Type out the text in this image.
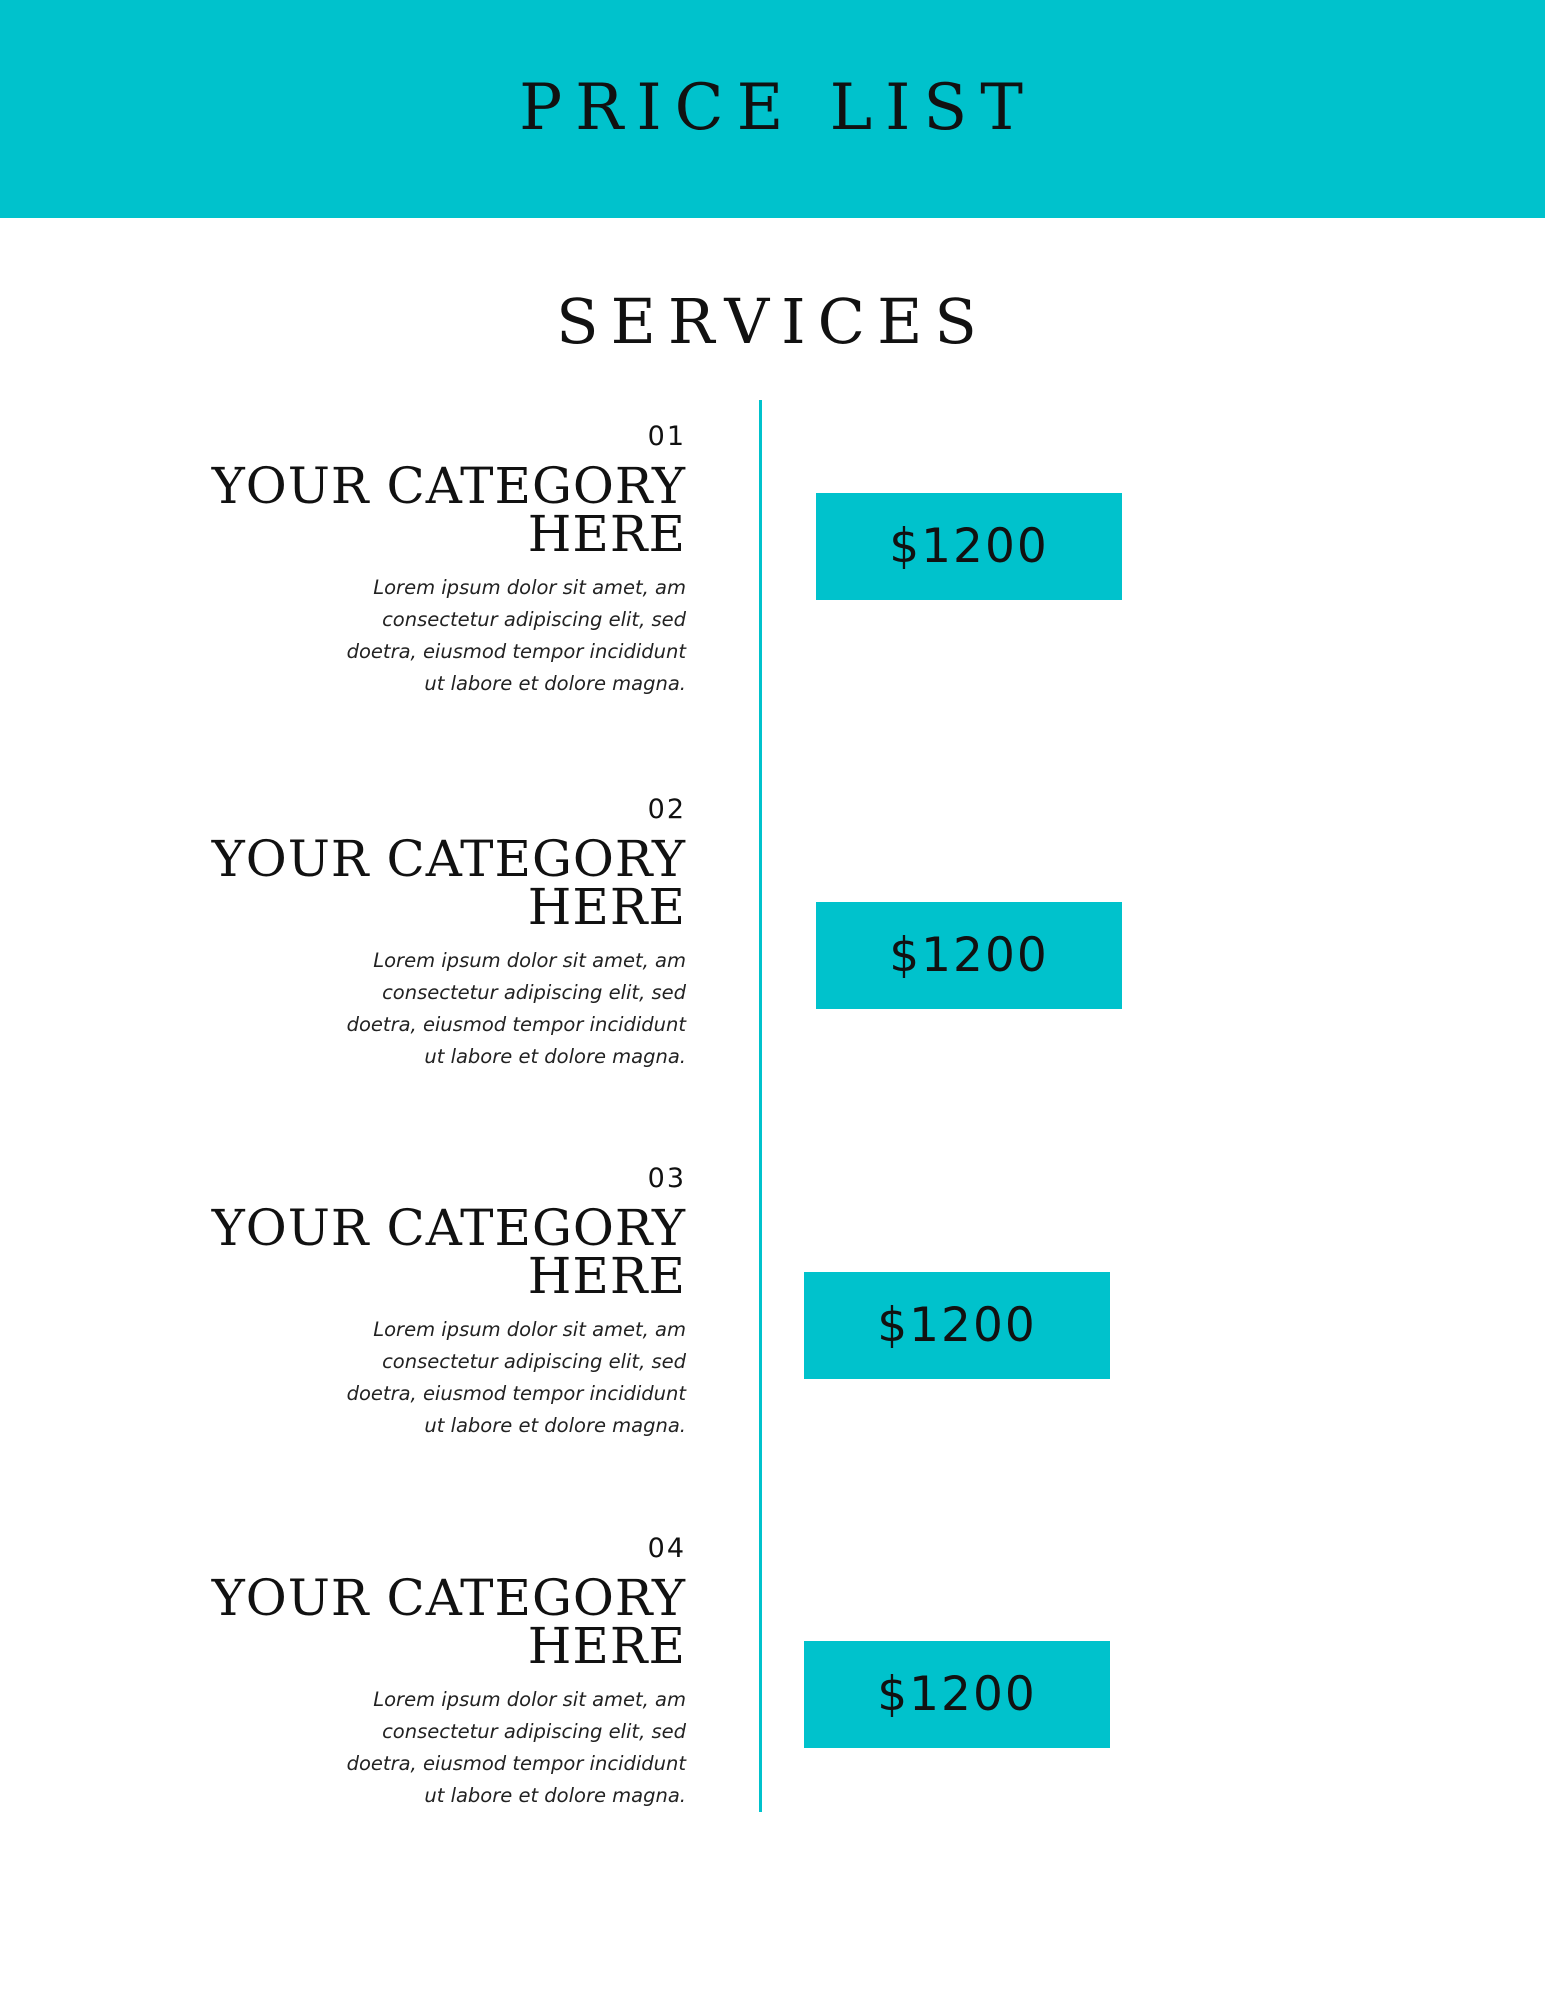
PRICE LIST
SERVICES
01
YOUR CATEGORY
HERE
Lorem ipsum dolor sit amet, am
consectetur adipiscing elit, sed
doetra, eiusmod tempor incididunt
ut labore et dolore magna.
$1200
02
YOUR CATEGORY
HERE
Lorem ipsum dolor sit amet, am
consectetur adipiscing elit, sed
doetra, eiusmod tempor incididunt
ut labore et dolore magna.
$1200
03
YOUR CATEGORY
HERE
Lorem ipsum dolor sit amet, am
consectetur adipiscing elit, sed
doetra, eiusmod tempor incididunt
ut labore et dolore magna.
$1200
04
YOUR CATEGORY
HERE
Lorem ipsum dolor sit amet, am
consectetur adipiscing elit, sed
doetra, eiusmod tempor incididunt
ut labore et dolore magna.
$1200
